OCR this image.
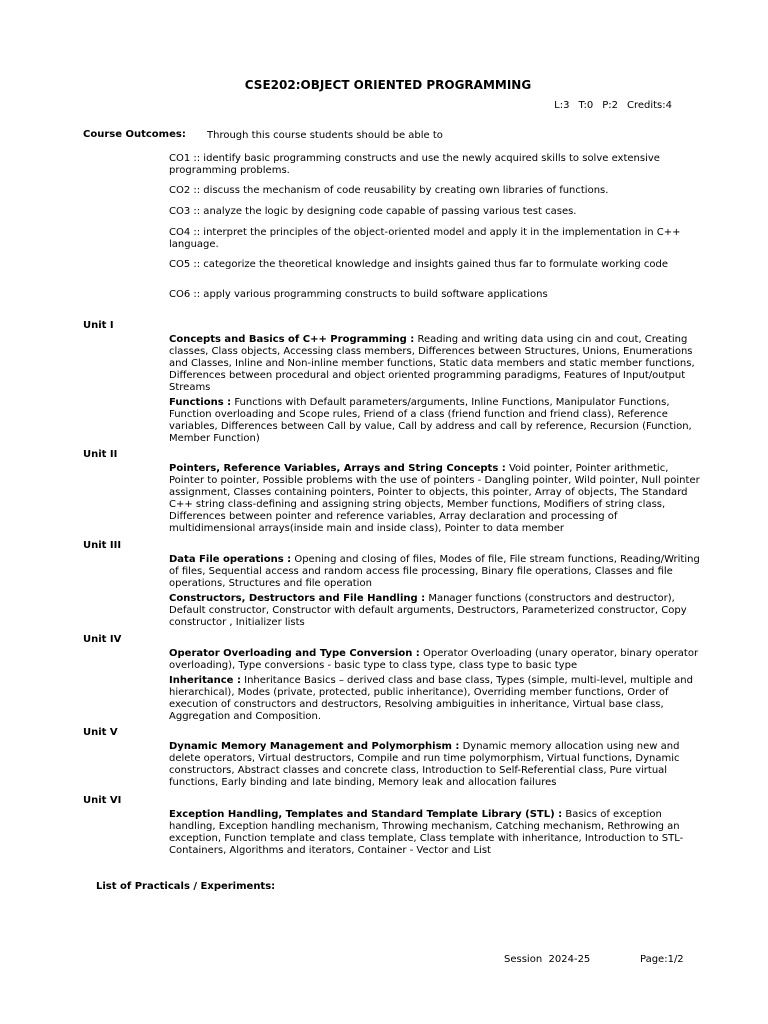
CSE202:OBJECT ORIENTED PROGRAMMING
L:3 T:0 P:2 Credits:4
Course Outcomes: Through this course students should be able to
CO1 :: identify basic programming constructs and use the newly acquired skills to solve extensive programming problems.
CO2 :: discuss the mechanism of code reusability by creating own libraries of functions.
CO3 :: analyze the logic by designing code capable of passing various test cases.
CO4 :: interpret the principles of the object-oriented model and apply it in the implementation in C++ language.
CO5 :: categorize the theoretical knowledge and insights gained thus far to formulate working code
CO6 :: apply various programming constructs to build software applications
Unit I
Concepts and Basics of C++ Programming : Reading and writing data using cin and cout, Creating classes, Class objects, Accessing class members, Differences between Structures, Unions, Enumerations and Classes, Inline and Non-inline member functions, Static data members and static member functions, Differences between procedural and object oriented programming paradigms, Features of Input/output Streams
Functions : Functions with Default parameters/arguments, Inline Functions, Manipulator Functions, Function overloading and Scope rules, Friend of a class (friend function and friend class), Reference variables, Differences between Call by value, Call by address and call by reference, Recursion (Function, Member Function)
Unit II
Pointers, Reference Variables, Arrays and String Concepts : Void pointer, Pointer arithmetic, Pointer to pointer, Possible problems with the use of pointers - Dangling pointer, Wild pointer, Null pointer assignment, Classes containing pointers, Pointer to objects, this pointer, Array of objects, The Standard C++ string class-defining and assigning string objects, Member functions, Modifiers of string class, Differences between pointer and reference variables, Array declaration and processing of multidimensional arrays(inside main and inside class), Pointer to data member
Unit III
Data File operations : Opening and closing of files, Modes of file, File stream functions, Reading/Writing of files, Sequential access and random access file processing, Binary file operations, Classes and file operations, Structures and file operation
Constructors, Destructors and File Handling : Manager functions (constructors and destructor), Default constructor, Constructor with default arguments, Destructors, Parameterized constructor, Copy constructor , Initializer lists
Unit IV
Operator Overloading and Type Conversion : Operator Overloading (unary operator, binary operator overloading), Type conversions - basic type to class type, class type to basic type
Inheritance : Inheritance Basics – derived class and base class, Types (simple, multi-level, multiple and hierarchical), Modes (private, protected, public inheritance), Overriding member functions, Order of execution of constructors and destructors, Resolving ambiguities in inheritance, Virtual base class, Aggregation and Composition.
Unit V
Dynamic Memory Management and Polymorphism : Dynamic memory allocation using new and delete operators, Virtual destructors, Compile and run time polymorphism, Virtual functions, Dynamic constructors, Abstract classes and concrete class, Introduction to Self-Referential class, Pure virtual functions, Early binding and late binding, Memory leak and allocation failures
Unit VI
Exception Handling, Templates and Standard Template Library (STL) : Basics of exception handling, Exception handling mechanism, Throwing mechanism, Catching mechanism, Rethrowing an exception, Function template and class template, Class template with inheritance, Introduction to STL- Containers, Algorithms and iterators, Container - Vector and List
List of Practicals / Experiments:
Session  2024-25	Page:1/2
